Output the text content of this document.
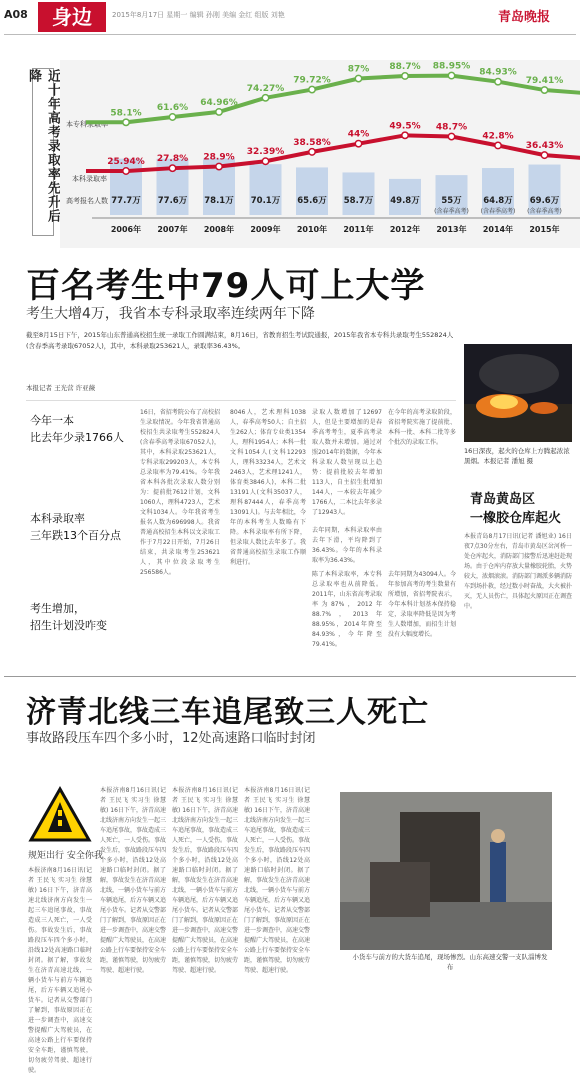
A08	身边	2015年8月17日 星期一 编辑 孙刚 美编 金红 组版 刘艳	青岛晚报
近十年高考录取率先升后降
本专科录取率
本科录取率
高考报名人数 77.7万 77.6万 78.1万 70.1万 65.6万 58.7万 49.8万	55万
(含春季高考)
64.8万
(含春季高考)
69.6万
(含春季高考)
58.1%
61.6%
64.96%
74.27%
79.72%
87% 88.7% 88.95%
84.93%
79.41%
25.94% 27.8% 28.9%
32.39%
38.58%
44%
49.5% 48.7%
42.8%
36.43%
2006年 2007年 2008年 2009年 2010年 2011年 2012年 2013年 2014年 2015年
百名考生中79人可上大学
考生大增4万，我省本专科录取率连续两年下降
截至8月15日下午，2015年山东普通高校招生统一录取工作圆满结束，8月16日，省教育招生考试院通报，2015年我省本专科共录取考生552824人(含春季高考录取67052人)，其中，本科录取253621人，录取率36.43%。
本报记者 王光营 许亚薇
今年一本
比去年少录1766人
本科录取率
三年跌13个百分点
考生增加，
招生计划没咋变
16日，省招考院公布了高校招生录取情况。今年我省普通高校招生共录取考生552824人(含春季高考录取67052人)，其中，本科录取253621人，专科录取299203人，本专科总录取率为79.41%。今年我省本科各批次录取人数分别为：提前批7612计划，文科1060人，理科4723人，艺术文科1034人。今年我省考生报名人数为696998人。我省普通高校招生本科以文录取工作于7月22日开始，7月26日结束，共录取考生253621人，其中位段录取考生256586人。
8046人，艺术理科1038人，春季高考50人；自主招生262人；体育专业类1354人，理科1954人；本科一批文科1054人(文科12293人，理科33234人，艺术文2463人，艺术理1241人，体育类3846人)，本科二批13191人(文科35037人，理科87444人，春季高考13091人)。与去年相比，今年的本科考生人数略有下降。本科录取率有所下降，但录取人数比去年多了。我省普通高校招生录取工作顺利进行。
录取人数增加了12697人，但是主要增加的是春季高考考生，夏季高考录取人数并未增加。通过对照2014年的数据，今年本科录取人数呈现以上趋势：提前批较去年增加113人，自主招生批增加144人，一本较去年减少1766人，二本比去年多录了12943人。
去年同期，本科录取率由去年下滑，平均降到了36.43%。今年的本科录取率为36.43%。
陈了本科录取率，本专科总录取率也从前降低。2011年，山东省高考录取率为87%，2012年88.7%，2013年88.95%，2014年降至84.93%，今年降至79.41%。
在今年的高考录取阶段，省招考院实施了提前批、本科一批、本科二批等多个批次的录取工作。
去年同期为43094人。今年参加高考的考生数量有所增加，省招考院表示，今年本科计划基本保持稳定，录取率降低是因为考生人数增加，而招生计划没有大幅度增长。
16日深夜，起火的仓库上方腾起浓浓黑烟。本报记者 潘旭 摄
青岛黄岛区
一橡胶仓库起火
本报青岛8月17日讯(记者 潘旭业) 16日夜7点30分左右，青岛市黄岛区岔河桥一处仓库起火，消防部门接警后迅速赶赴现场。由于仓库内存放大量橡胶轮胎，火势较大，浓烟滚滚。消防部门调派多辆消防车到场扑救，经过数小时奋战，大火被扑灭，无人员伤亡，具体起火原因正在调查中。
济青北线三车追尾致三人死亡
事故路段压车四个多小时，12处高速路口临时封闭
规矩出行 安全你我
本报济南8月16日讯(记者 王民飞 实习生 徐慧敏) 16日下午，济青高速北线济南方向发生一起三车追尾事故，事故造成三人死亡，一人受伤。事故发生后，事故路段压车四个多小时，沿线12处高速路口临时封闭。据了解，事故发生在济青高速北线，一辆小货车与前方车辆追尾，后方车辆又追尾小货车。记者从交警部门了解到，事故原因正在进一步调查中，高速交警提醒广大驾驶员，在高速公路上行车要保持安全车距，谨慎驾驶，切勿疲劳驾驶、超速行驶。
本报济南8月16日讯(记者 王民飞 实习生 徐慧敏) 16日下午，济青高速北线济南方向发生一起三车追尾事故，事故造成三人死亡，一人受伤。事故发生后，事故路段压车四个多小时，沿线12处高速路口临时封闭。据了解，事故发生在济青高速北线，一辆小货车与前方车辆追尾，后方车辆又追尾小货车。记者从交警部门了解到，事故原因正在进一步调查中，高速交警提醒广大驾驶员，在高速公路上行车要保持安全车距，谨慎驾驶，切勿疲劳驾驶、超速行驶。
本报济南8月16日讯(记者 王民飞 实习生 徐慧敏) 16日下午，济青高速北线济南方向发生一起三车追尾事故，事故造成三人死亡，一人受伤。事故发生后，事故路段压车四个多小时，沿线12处高速路口临时封闭。据了解，事故发生在济青高速北线，一辆小货车与前方车辆追尾，后方车辆又追尾小货车。记者从交警部门了解到，事故原因正在进一步调查中，高速交警提醒广大驾驶员，在高速公路上行车要保持安全车距，谨慎驾驶，切勿疲劳驾驶、超速行驶。
本报济南8月16日讯(记者 王民飞 实习生 徐慧敏) 16日下午，济青高速北线济南方向发生一起三车追尾事故，事故造成三人死亡，一人受伤。事故发生后，事故路段压车四个多小时，沿线12处高速路口临时封闭。据了解，事故发生在济青高速北线，一辆小货车与前方车辆追尾，后方车辆又追尾小货车。记者从交警部门了解到，事故原因正在进一步调查中，高速交警提醒广大驾驶员，在高速公路上行车要保持安全车距，谨慎驾驶，切勿疲劳驾驶、超速行驶。
小货车与前方的大货车追尾，现场惨烈。山东高速交警一支队淄博发布
